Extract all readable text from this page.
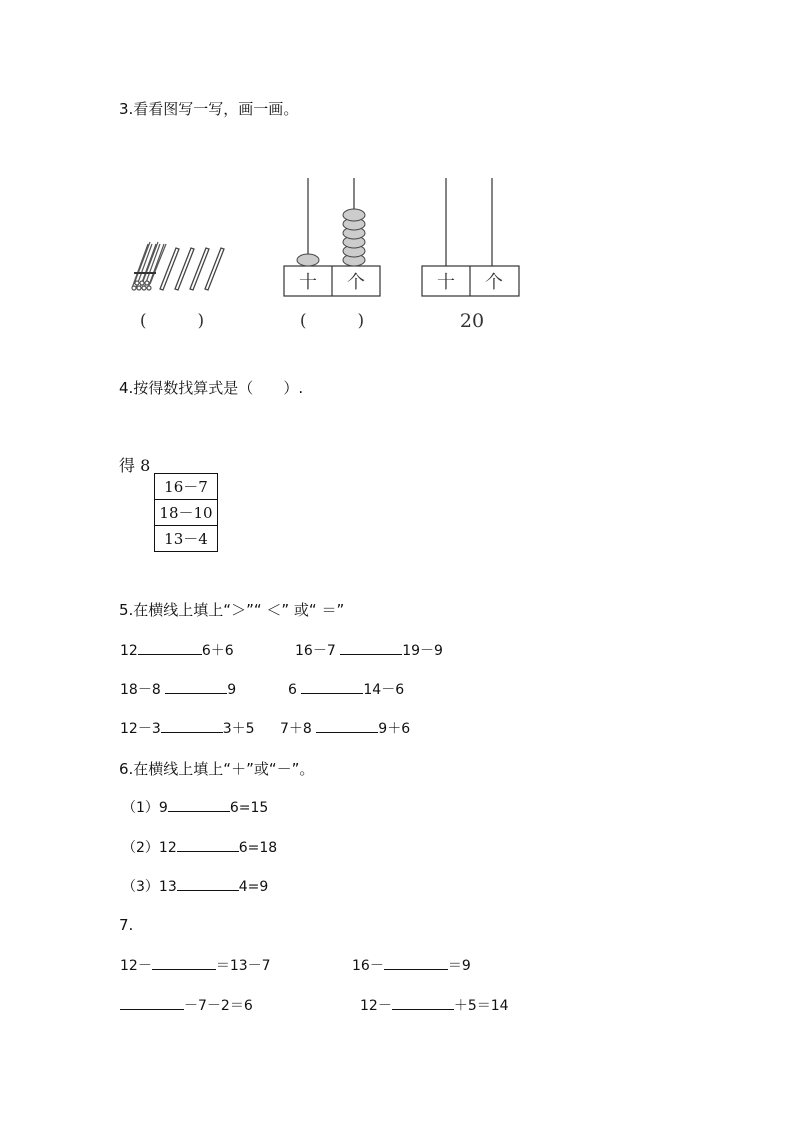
3.看看图写一写，画一画。
十 个	十 个
(　　　)	(　　　)	20
4.按得数找算式是（　　）.
得 8
16－7
18－10
13－4
5.在横线上填上“＞”“ ＜” 或“ ＝”
12	6＋6	16－7	19－9
18－8	9	6	14－6
12－3	3＋5 7＋8	9＋6
6.在横线上填上“＋”或“－”。
（1）9	6=15
（2）12	6=18
（3）13	4=9
7.
12－	＝13－7	16－	＝9
－7－2＝6	12－	＋5＝14
